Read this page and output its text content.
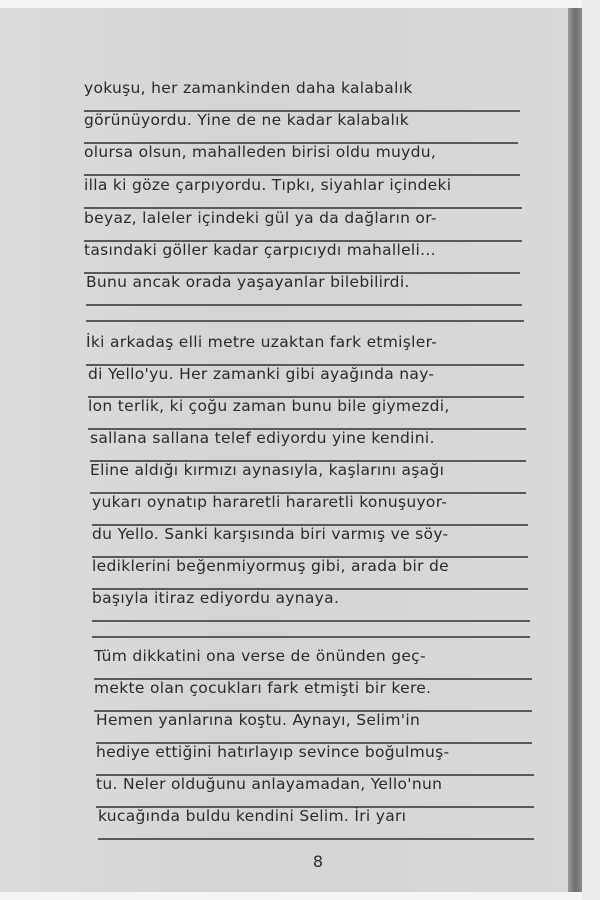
yokuşu, her zamankinden daha kalabalık
görünüyordu. Yine de ne kadar kalabalık
olursa olsun, mahalleden birisi oldu muydu,
illa ki göze çarpıyordu. Tıpkı, siyahlar içindeki
beyaz, laleler içindeki gül ya da dağların or-
tasındaki göller kadar çarpıcıydı mahalleli...
Bunu ancak orada yaşayanlar bilebilirdi.
İki arkadaş elli metre uzaktan fark etmişler-
di Yello'yu. Her zamanki gibi ayağında nay-
lon terlik, ki çoğu zaman bunu bile giymezdi,
sallana sallana telef ediyordu yine kendini.
Eline aldığı kırmızı aynasıyla, kaşlarını aşağı
yukarı oynatıp hararetli hararetli konuşuyor-
du Yello. Sanki karşısında biri varmış ve söy-
lediklerini beğenmiyormuş gibi, arada bir de
başıyla itiraz ediyordu aynaya.
Tüm dikkatini ona verse de önünden geç-
mekte olan çocukları fark etmişti bir kere.
Hemen yanlarına koştu. Aynayı, Selim'in
hediye ettiğini hatırlayıp sevince boğulmuş-
tu. Neler olduğunu anlayamadan, Yello'nun
kucağında buldu kendini Selim. İri yarı
8
